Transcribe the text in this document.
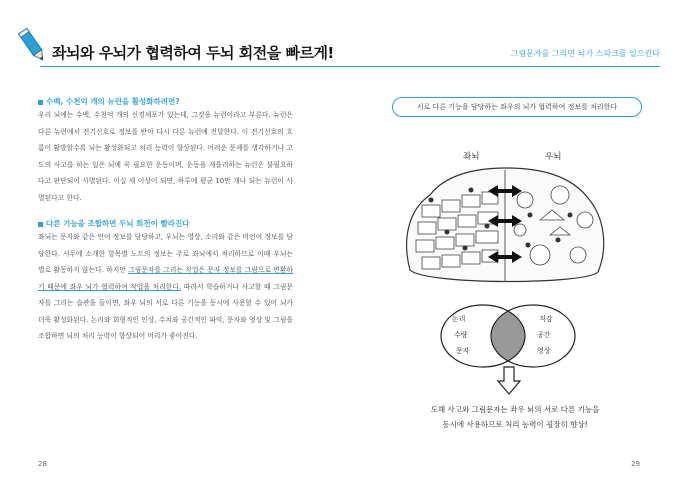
좌뇌와 우뇌가 협력하여 두뇌 회전을 빠르게!	그림문자를 그리면 뇌가 스파크를 일으킨다
수백, 수천억 개의 뉴런을 활성화하려면?

우리 뇌에는 수백, 수천억 개의 신경세포가 있는데, 그것을 뉴런이라고 부른다. 뉴런은 다른 뉴런에서 전기신호로 정보를 받아 다시 다른 뉴런에 전달한다. 이 전기신호의 흐름이 활발할수록 뇌는 활성화되고 처리 능력이 향상된다. 어려운 문제를 생각하거나 고도의 사고를 하는 일은 뇌에 꼭 필요한 운동이며, 운동을 게을리하는 뉴런은 불필요하다고 판단되어 사멸된다. 이십 세 이상이 되면, 하루에 평균 10만 개나 되는 뉴런이 사멸된다고 한다.

다른 기능을 조합하면 두뇌 회전이 빨라진다

좌뇌는 문자와 같은 언어 정보를 담당하고, 우뇌는 영상, 소리와 같은 비언어 정보를 담당한다. 서두에 소개한 항목별 노트의 정보는 주로 좌뇌에서 처리하므로 이때 우뇌는 별로 활동하지 않는다. 하지만 그림문자를 그리는 작업은 문자 정보를 그림으로 변환하기 때문에 좌우 뇌가 협력하여 작업을 처리한다. 따라서 학습하거나 사고할 때 그림문자를 그리는 습관을 들이면, 좌우 뇌의 서로 다른 기능을 동시에 사용할 수 있어 뇌가 더욱 활성화된다. 논리와 회형적인 인상, 수치와 공간적인 파악, 문자와 영상 및 그림을 조합하면 뇌의 처리 능력이 향상되어 머리가 좋아진다.

28
서로 다른 기능을 담당하는 좌우의 뇌가 협력하여 정보를 처리한다
좌뇌	우뇌
논리
수량
문자
직감
공간
영상
도해 사고와 그림문자는 좌우 뇌의 서로 다른 기능을
동시에 사용하므로 처리 능력이 굉장히 향상!
29
